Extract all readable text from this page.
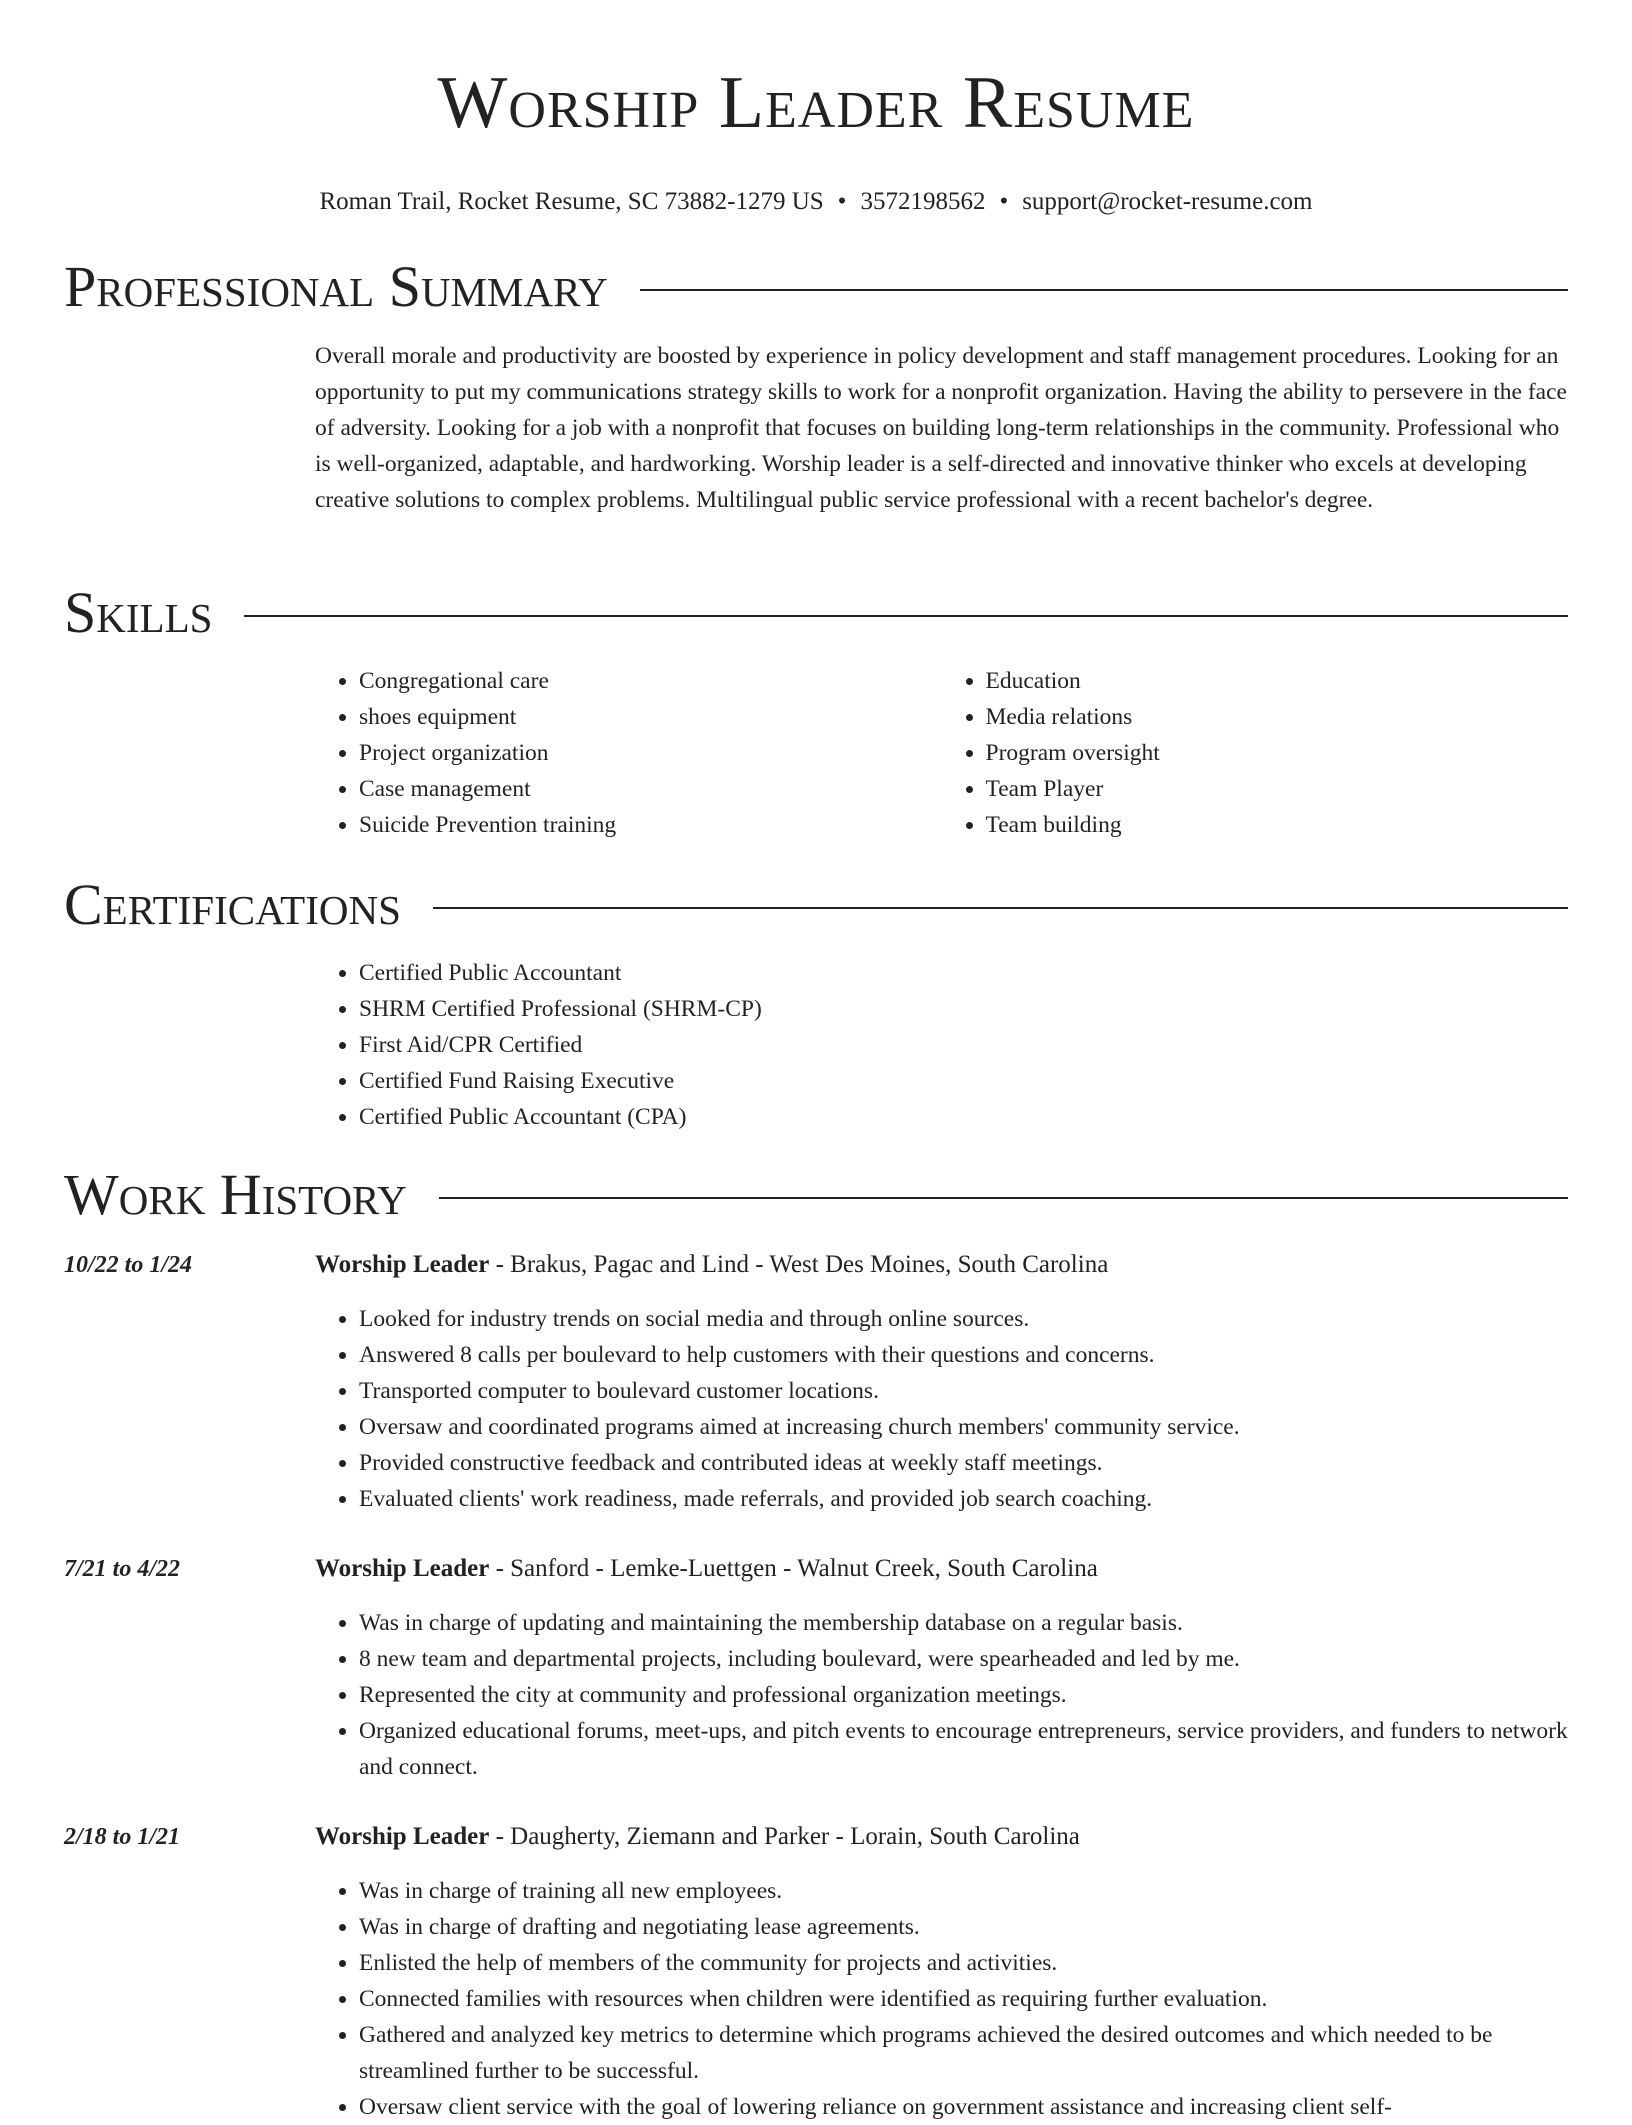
Worship Leader Resume
Roman Trail, Rocket Resume, SC 73882-1279 US • 3572198562 • support@rocket-resume.com
Professional Summary

Overall morale and productivity are boosted by experience in policy development and staff management procedures. Looking for an opportunity to put my communications strategy skills to work for a nonprofit organization. Having the ability to persevere in the face of adversity. Looking for a job with a nonprofit that focuses on building long-term relationships in the community. Professional who is well-organized, adaptable, and hardworking. Worship leader is a self-directed and innovative thinker who excels at developing creative solutions to complex problems. Multilingual public service professional with a recent bachelor's degree.

Skills
• Congregational care
• shoes equipment
• Project organization
• Case management
• Suicide Prevention training
• Education
• Media relations
• Program oversight
• Team Player
• Team building
Certifications
• Certified Public Accountant
• SHRM Certified Professional (SHRM-CP)
• First Aid/CPR Certified
• Certified Fund Raising Executive
• Certified Public Accountant (CPA)
Work History
10/22 to 1/24	Worship Leader - Brakus, Pagac and Lind - West Des Moines, South Carolina
• Looked for industry trends on social media and through online sources.
• Answered 8 calls per boulevard to help customers with their questions and concerns.
• Transported computer to boulevard customer locations.
• Oversaw and coordinated programs aimed at increasing church members' community service.
• Provided constructive feedback and contributed ideas at weekly staff meetings.
• Evaluated clients' work readiness, made referrals, and provided job search coaching.
7/21 to 4/22	Worship Leader - Sanford - Lemke-Luettgen - Walnut Creek, South Carolina
• Was in charge of updating and maintaining the membership database on a regular basis.
• 8 new team and departmental projects, including boulevard, were spearheaded and led by me.
• Represented the city at community and professional organization meetings.
• Organized educational forums, meet-ups, and pitch events to encourage entrepreneurs, service providers, and funders to network and connect.
2/18 to 1/21	Worship Leader - Daugherty, Ziemann and Parker - Lorain, South Carolina
• Was in charge of training all new employees.
• Was in charge of drafting and negotiating lease agreements.
• Enlisted the help of members of the community for projects and activities.
• Connected families with resources when children were identified as requiring further evaluation.
• Gathered and analyzed key metrics to determine which programs achieved the desired outcomes and which needed to be streamlined further to be successful.
• Oversaw client service with the goal of lowering reliance on government assistance and increasing client self-
